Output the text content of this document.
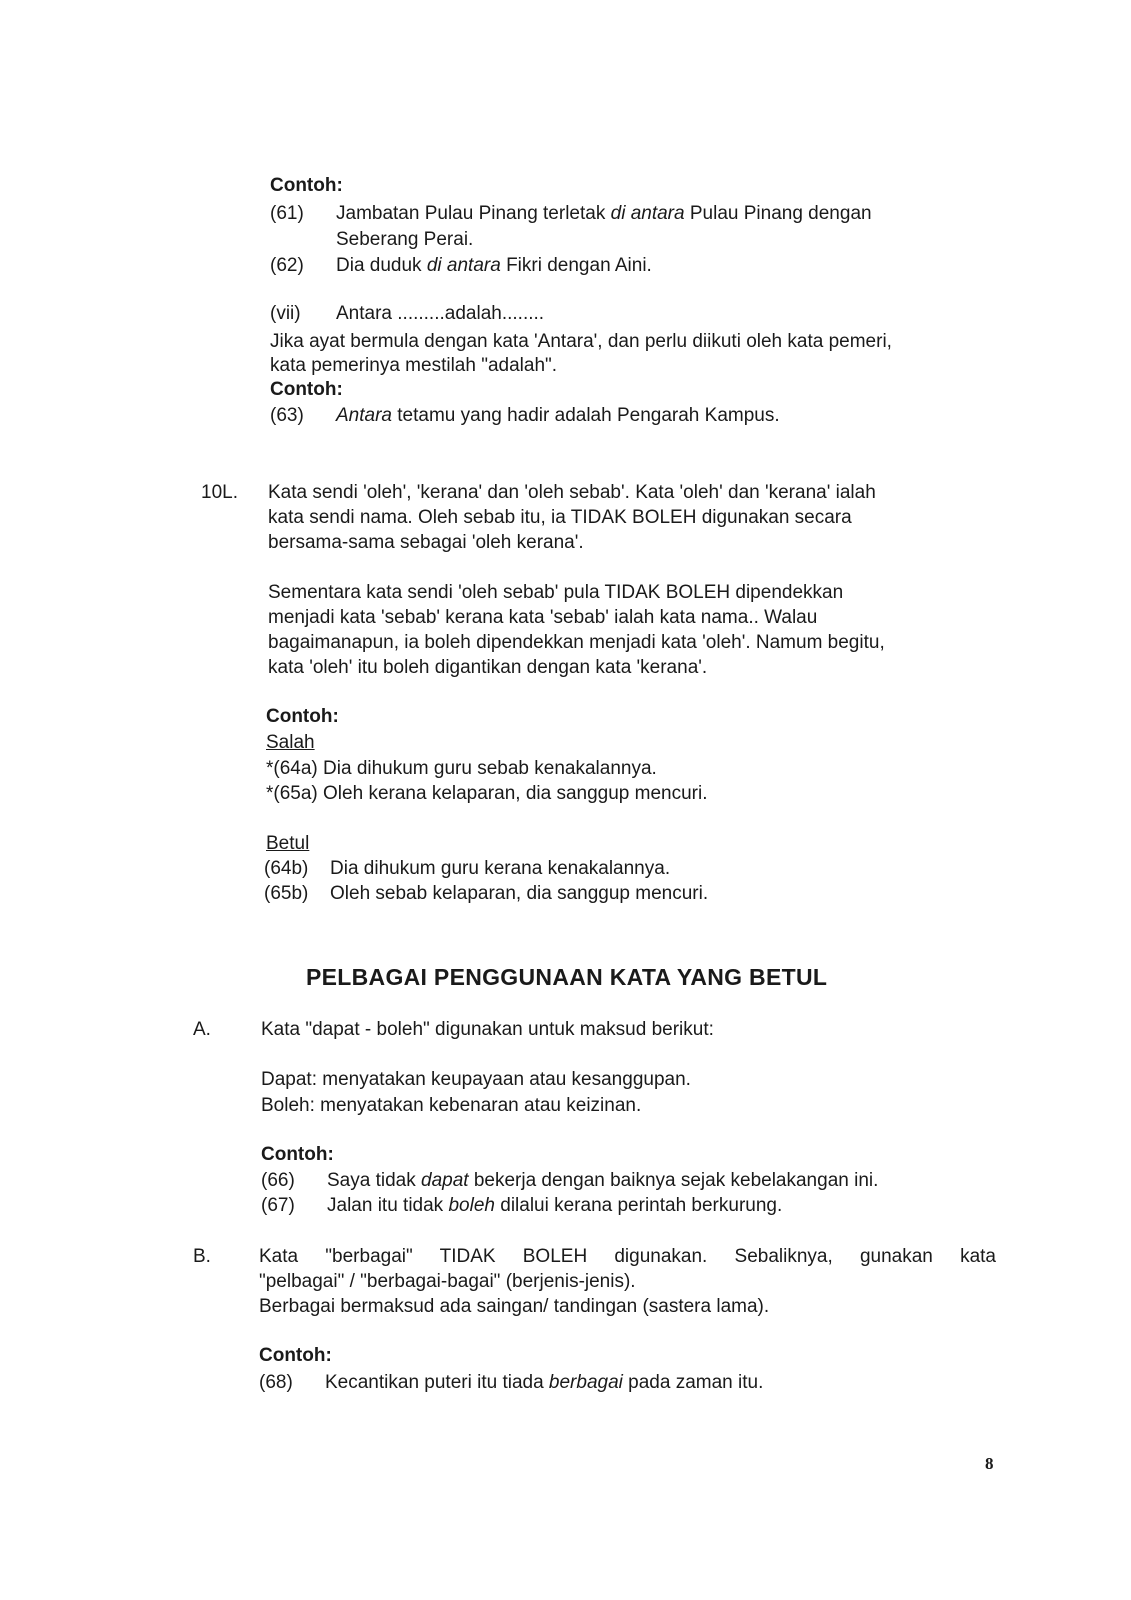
Contoh:
(61) Jambatan Pulau Pinang terletak di antara Pulau Pinang dengan
Seberang Perai.
(62) Dia duduk di antara Fikri dengan Aini.
(vii) Antara .........adalah........
Jika ayat bermula dengan kata 'Antara', dan perlu diikuti oleh kata pemeri,
kata pemerinya mestilah "adalah".
Contoh:
(63) Antara tetamu yang hadir adalah Pengarah Kampus.
10L. Kata sendi 'oleh', 'kerana' dan 'oleh sebab'. Kata 'oleh' dan 'kerana' ialah
kata sendi nama. Oleh sebab itu, ia TIDAK BOLEH digunakan secara
bersama-sama sebagai 'oleh kerana'.
Sementara kata sendi 'oleh sebab' pula TIDAK BOLEH dipendekkan
menjadi kata 'sebab' kerana kata 'sebab' ialah kata nama.. Walau
bagaimanapun, ia boleh dipendekkan menjadi kata 'oleh'. Namum begitu,
kata 'oleh' itu boleh digantikan dengan kata 'kerana'.
Contoh:
Salah
*(64a) Dia dihukum guru sebab kenakalannya.
*(65a) Oleh kerana kelaparan, dia sanggup mencuri.
Betul
(64b) Dia dihukum guru kerana kenakalannya.
(65b) Oleh sebab kelaparan, dia sanggup mencuri.
PELBAGAI PENGGUNAAN KATA YANG BETUL
A.	Kata "dapat - boleh" digunakan untuk maksud berikut:
Dapat: menyatakan keupayaan atau kesanggupan.
Boleh: menyatakan kebenaran atau keizinan.
Contoh:
(66) Saya tidak dapat bekerja dengan baiknya sejak kebelakangan ini.
(67) Jalan itu tidak boleh dilalui kerana perintah berkurung.
B.	Kata "berbagai" TIDAK BOLEH digunakan. Sebaliknya, gunakan kata
"pelbagai" / "berbagai-bagai" (berjenis-jenis).
Berbagai bermaksud ada saingan/ tandingan (sastera lama).
Contoh:
(68) Kecantikan puteri itu tiada berbagai pada zaman itu.
8
